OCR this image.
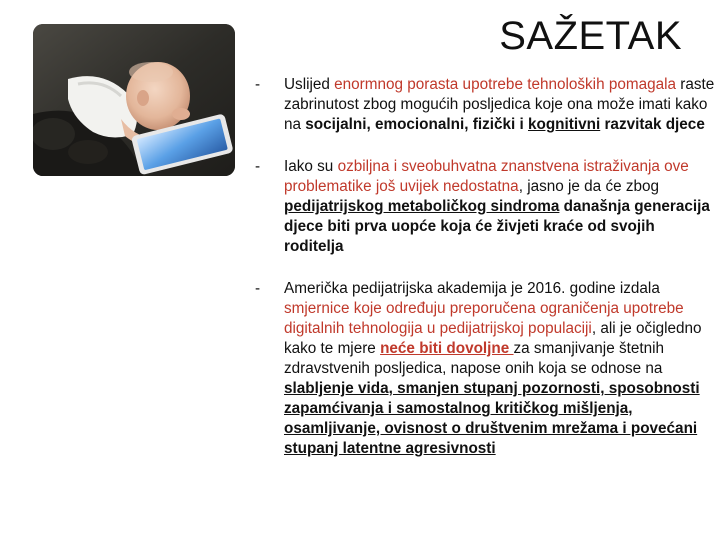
SAŽETAK
- Uslijed enormnog porasta upotrebe tehnoloških pomagala raste zabrinutost zbog mogućih posljedica koje ona može imati kako na socijalni, emocionalni, fizički i kognitivni razvitak djece
- Iako su ozbiljna i sveobuhvatna znanstvena istraživanja ove problematike još uvijek nedostatna, jasno je da će zbog pedijatrijskog metaboličkog sindroma današnja generacija djece biti prva uopće koja će živjeti kraće od svojih roditelja
- Američka pedijatrijska akademija je 2016. godine izdala smjernice koje određuju preporučena ograničenja upotrebe digitalnih tehnologija u pedijatrijskoj populaciji, ali je očigledno kako te mjere neće biti dovoljne za smanjivanje štetnih zdravstvenih posljedica, napose onih koja se odnose na slabljenje vida, smanjen stupanj pozornosti, sposobnosti zapamćivanja i samostalnog kritičkog mišljenja, osamljivanje, ovisnost o društvenim mrežama i povećani stupanj latentne agresivnosti
